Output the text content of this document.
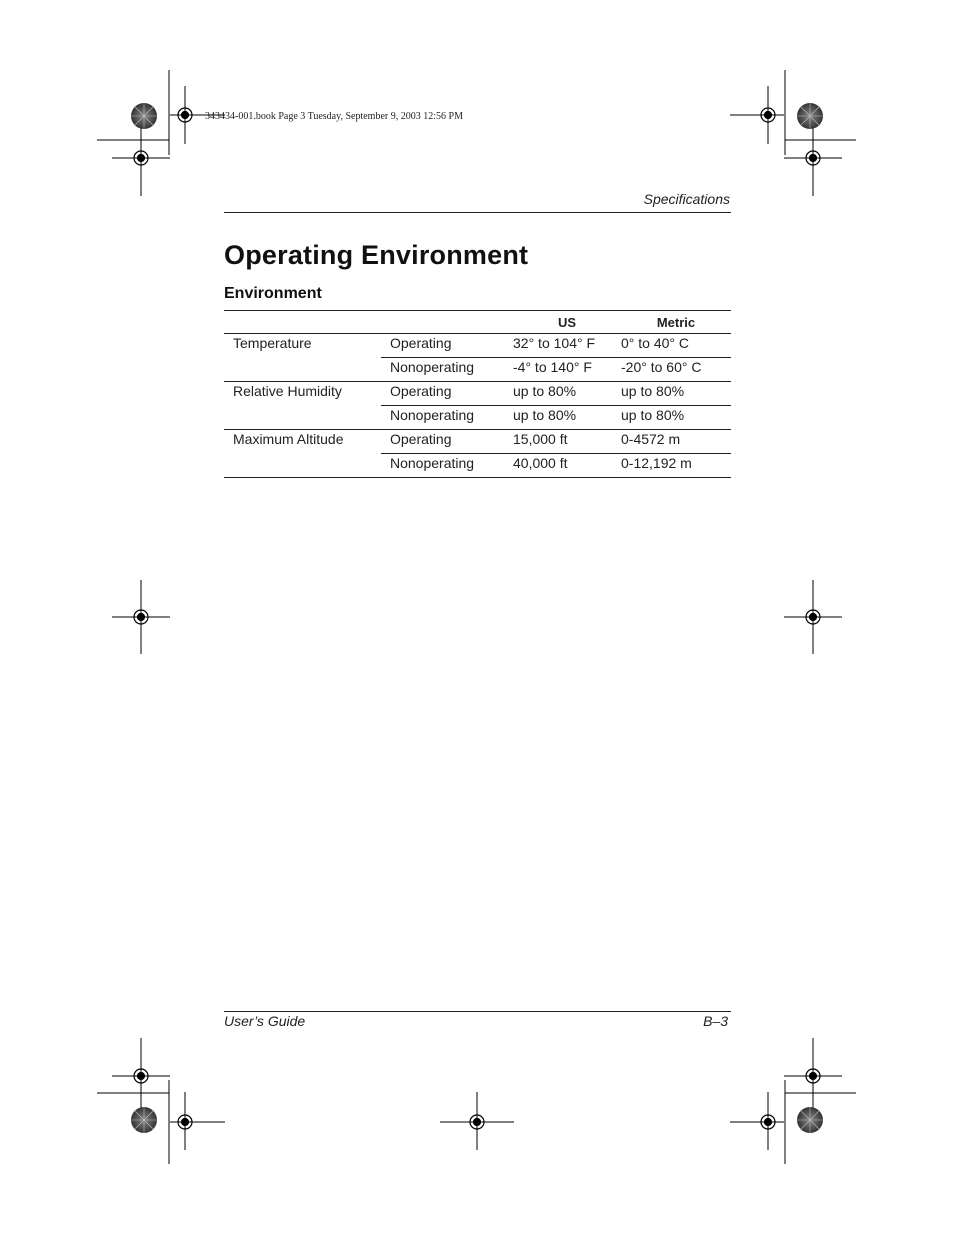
343434-001.book Page 3 Tuesday, September 9, 2003 12:56 PM
Specifications
Operating Environment
Environment
		US	Metric
Temperature	Operating	32° to 104° F	0° to 40° C
	Nonoperating	-4° to 140° F	-20° to 60° C
Relative Humidity	Operating	up to 80%	up to 80%
	Nonoperating	up to 80%	up to 80%
Maximum Altitude	Operating	15,000 ft	0-4572 m
	Nonoperating	40,000 ft	0-12,192 m
User’s Guide	B–3
